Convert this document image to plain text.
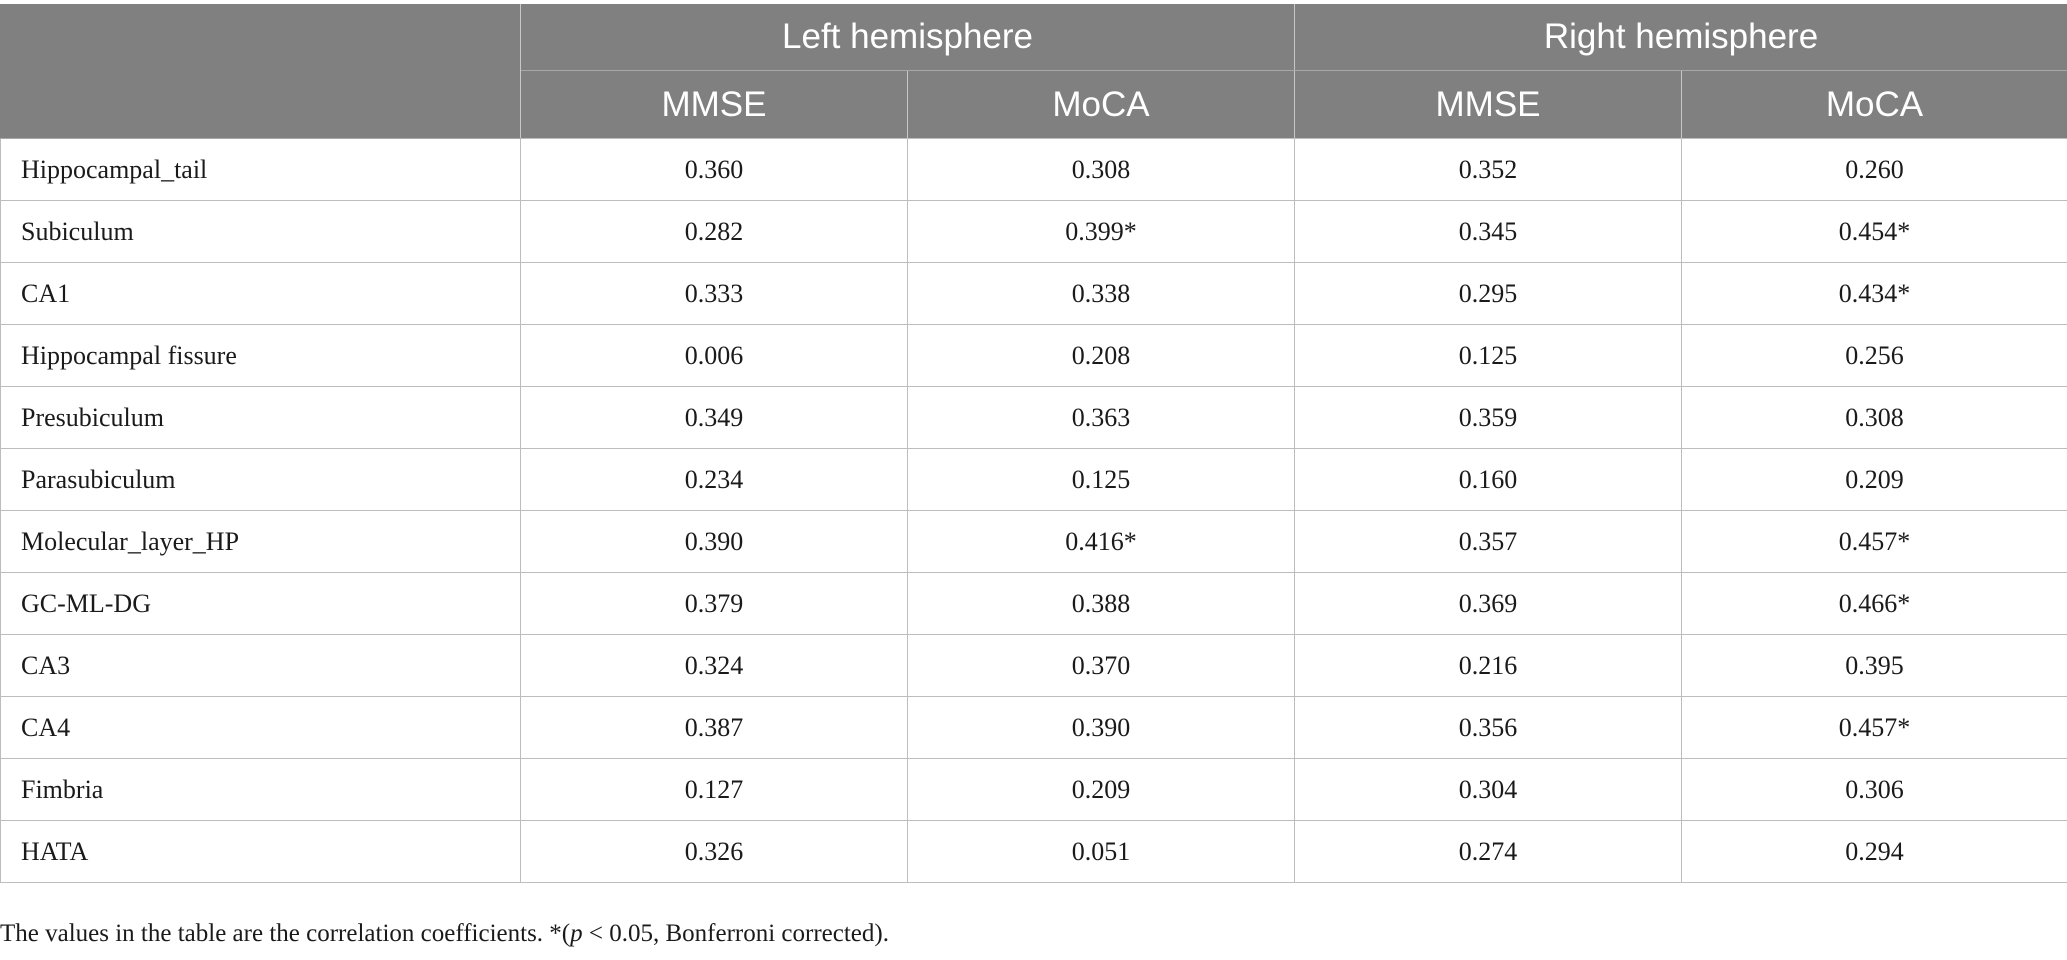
	Left hemisphere		Right hemisphere	
	MMSE	MoCA	MMSE	MoCA
Hippocampal_tail	0.360	0.308	0.352	0.260
Subiculum	0.282	0.399*	0.345	0.454*
CA1	0.333	0.338	0.295	0.434*
Hippocampal fissure	0.006	0.208	0.125	0.256
Presubiculum	0.349	0.363	0.359	0.308
Parasubiculum	0.234	0.125	0.160	0.209
Molecular_layer_HP	0.390	0.416*	0.357	0.457*
GC-ML-DG	0.379	0.388	0.369	0.466*
CA3	0.324	0.370	0.216	0.395
CA4	0.387	0.390	0.356	0.457*
Fimbria	0.127	0.209	0.304	0.306
HATA	0.326	0.051	0.274	0.294
The values in the table are the correlation coefficients. *(p < 0.05, Bonferroni corrected).
